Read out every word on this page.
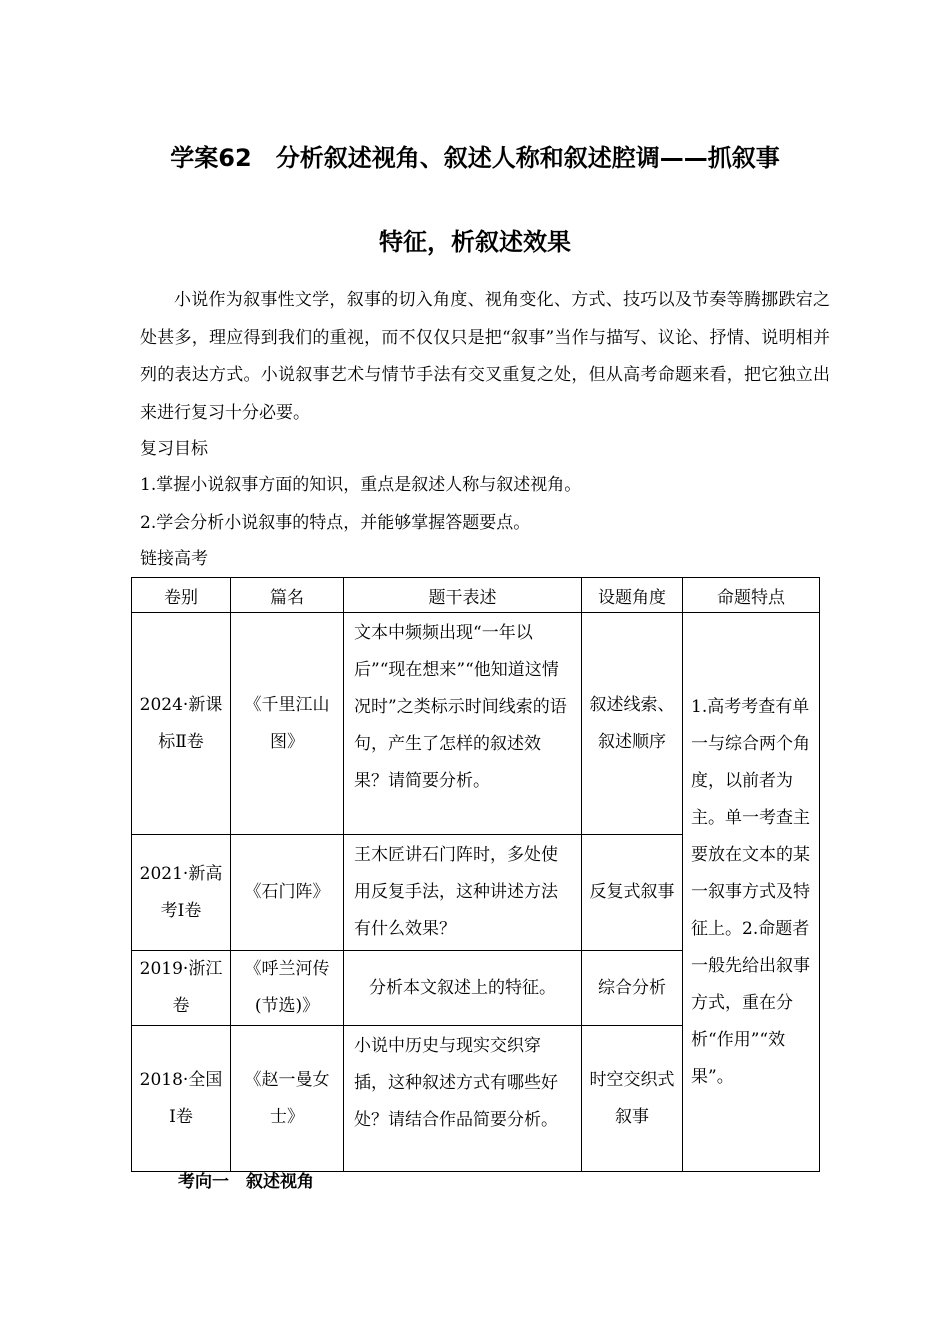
学案62　分析叙述视角、叙述人称和叙述腔调——抓叙事
特征，析叙述效果

小说作为叙事性文学，叙事的切入角度、视角变化、方式、技巧以及节奏等腾挪跌宕之处甚多，理应得到我们的重视，而不仅仅只是把“叙事”当作与描写、议论、抒情、说明相并列的表达方式。小说叙事艺术与情节手法有交叉重复之处，但从高考命题来看，把它独立出来进行复习十分必要。

复习目标
1.掌握小说叙事方面的知识，重点是叙述人称与叙述视角。
2.学会分析小说叙事的特点，并能够掌握答题要点。
链接高考
卷别	篇名	题干表述	设题角度	命题特点
2024·新课标Ⅱ卷	《千里江山图》	文本中频频出现“一年以后”“现在想来”“他知道这情况时”之类标示时间线索的语句，产生了怎样的叙述效果？请简要分析。	叙述线索、叙述顺序	1.高考考查有单一与综合两个角度，以前者为主。单一考查主要放在文本的某一叙事方式及特征上。2.命题者一般先给出叙事方式，重在分析“作用”“效果”。
2021·新高考Ⅰ卷	《石门阵》	王木匠讲石门阵时，多处使用反复手法，这种讲述方法有什么效果？	反复式叙事	
2019·浙江卷	《呼兰河传(节选)》	分析本文叙述上的特征。	综合分析	
2018·全国Ⅰ卷	《赵一曼女士》	小说中历史与现实交织穿插，这种叙述方式有哪些好处？请结合作品简要分析。	时空交织式叙事	
考向一　叙述视角
